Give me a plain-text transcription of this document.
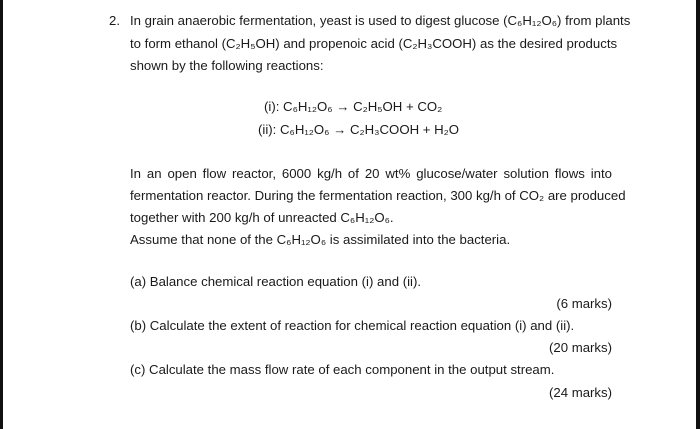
2. In grain anaerobic fermentation, yeast is used to digest glucose (C₆H₁₂O₆) from plants
to form ethanol (C₂H₅OH) and propenoic acid (C₂H₃COOH) as the desired products
shown by the following reactions:
(i): C₆H₁₂O₆ → C₂H₅OH + CO₂
(ii): C₆H₁₂O₆ → C₂H₃COOH + H₂O
In an open flow reactor, 6000 kg/h of 20 wt% glucose/water solution flows into
fermentation reactor. During the fermentation reaction, 300 kg/h of CO₂ are produced
together with 200 kg/h of unreacted C₆H₁₂O₆.
Assume that none of the C₆H₁₂O₆ is assimilated into the bacteria.
(a) Balance chemical reaction equation (i) and (ii).
(6 marks)
(b) Calculate the extent of reaction for chemical reaction equation (i) and (ii).
(20 marks)
(c) Calculate the mass flow rate of each component in the output stream.
(24 marks)
